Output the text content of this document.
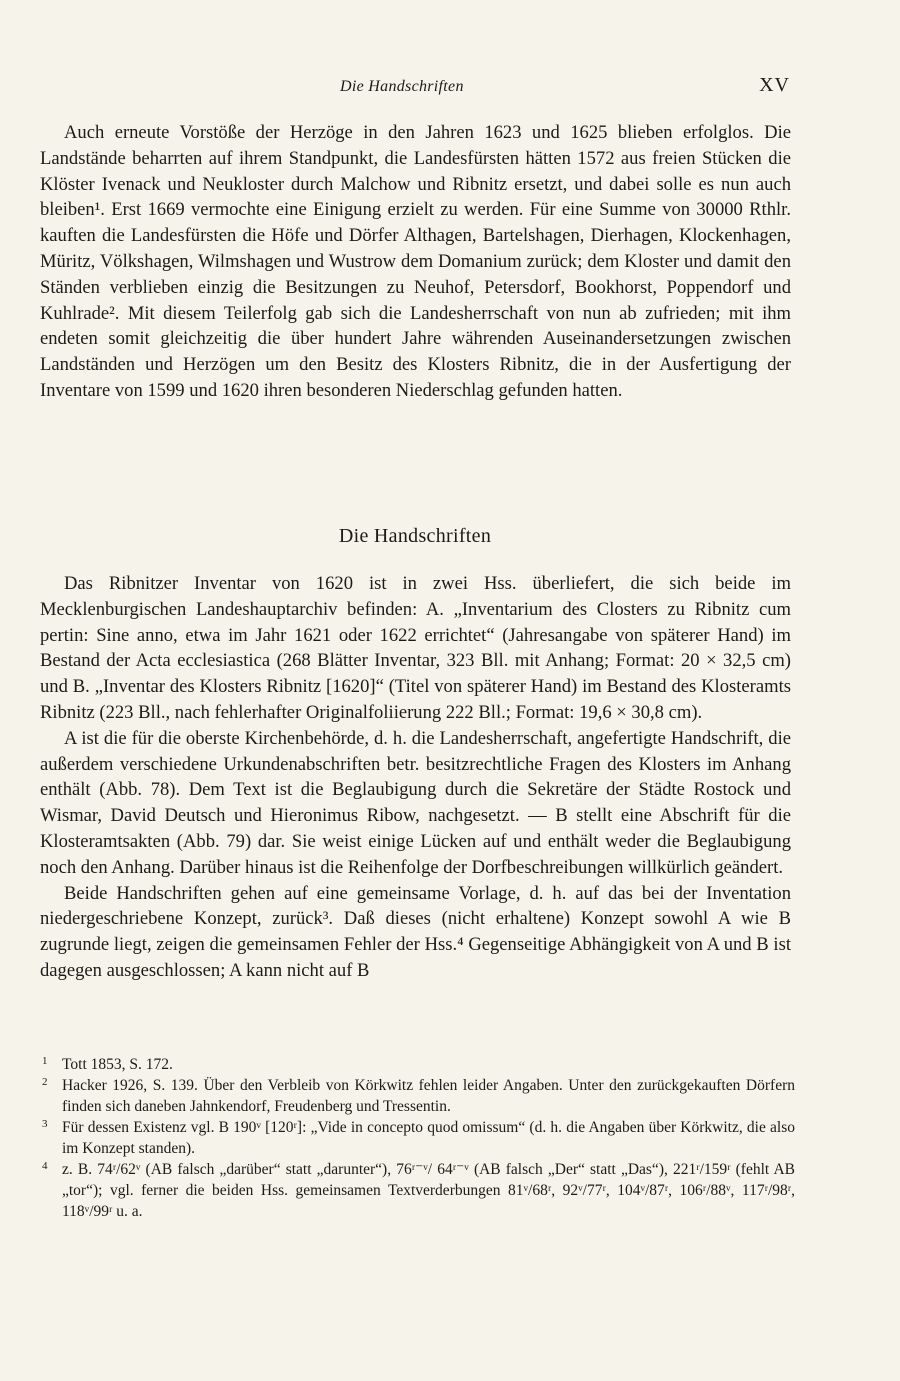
Die Handschriften	XV

Auch erneute Vorstöße der Herzöge in den Jahren 1623 und 1625 blieben erfolglos. Die Landstände beharrten auf ihrem Standpunkt, die Landesfürsten hätten 1572 aus freien Stücken die Klöster Ivenack und Neukloster durch Malchow und Ribnitz ersetzt, und dabei solle es nun auch bleiben¹. Erst 1669 vermochte eine Einigung erzielt zu werden. Für eine Summe von 30000 Rthlr. kauften die Landesfürsten die Höfe und Dörfer Althagen, Bartelshagen, Dierhagen, Klockenhagen, Müritz, Völkshagen, Wilmshagen und Wustrow dem Domanium zurück; dem Kloster und damit den Ständen verblieben einzig die Besitzungen zu Neuhof, Petersdorf, Bookhorst, Poppendorf und Kuhlrade². Mit diesem Teilerfolg gab sich die Landesherrschaft von nun ab zufrieden; mit ihm endeten somit gleichzeitig die über hundert Jahre währenden Auseinandersetzungen zwischen Landständen und Herzögen um den Besitz des Klosters Ribnitz, die in der Ausfertigung der Inventare von 1599 und 1620 ihren besonderen Niederschlag gefunden hatten.

Die Handschriften

Das Ribnitzer Inventar von 1620 ist in zwei Hss. überliefert, die sich beide im Mecklenburgischen Landeshauptarchiv befinden: A. „Inventarium des Closters zu Ribnitz cum pertin: Sine anno, etwa im Jahr 1621 oder 1622 errichtet“ (Jahresangabe von späterer Hand) im Bestand der Acta ecclesiastica (268 Blätter Inventar, 323 Bll. mit Anhang; Format: 20 × 32,5 cm) und B. „Inventar des Klosters Ribnitz [1620]“ (Titel von späterer Hand) im Bestand des Klosteramts Ribnitz (223 Bll., nach fehlerhafter Originalfoliierung 222 Bll.; Format: 19,6 × 30,8 cm).

A ist die für die oberste Kirchenbehörde, d. h. die Landesherrschaft, angefertigte Handschrift, die außerdem verschiedene Urkundenabschriften betr. besitzrechtliche Fragen des Klosters im Anhang enthält (Abb. 78). Dem Text ist die Beglaubigung durch die Sekretäre der Städte Rostock und Wismar, David Deutsch und Hieronimus Ribow, nachgesetzt. — B stellt eine Abschrift für die Klosteramtsakten (Abb. 79) dar. Sie weist einige Lücken auf und enthält weder die Beglaubigung noch den Anhang. Darüber hinaus ist die Reihenfolge der Dorfbeschreibungen willkürlich geändert.

Beide Handschriften gehen auf eine gemeinsame Vorlage, d. h. auf das bei der Inventation niedergeschriebene Konzept, zurück³. Daß dieses (nicht erhaltene) Konzept sowohl A wie B zugrunde liegt, zeigen die gemeinsamen Fehler der Hss.⁴ Gegenseitige Abhängigkeit von A und B ist dagegen ausgeschlossen; A kann nicht auf B

1 Tott 1853, S. 172.

2 Hacker 1926, S. 139. Über den Verbleib von Körkwitz fehlen leider Angaben. Unter den zurückgekauften Dörfern finden sich daneben Jahnkendorf, Freudenberg und Tressentin.

3 Für dessen Existenz vgl. B 190ᵛ [120ʳ]: „Vide in concepto quod omissum“ (d. h. die Angaben über Körkwitz, die also im Konzept standen).

4 z. B. 74ʳ/62ᵛ (AB falsch „darüber“ statt „darunter“), 76ʳ⁻ᵛ/ 64ʳ⁻ᵛ (AB falsch „Der“ statt „Das“), 221ʳ/159ʳ (fehlt AB „tor“); vgl. ferner die beiden Hss. gemeinsamen Textverderbungen 81ᵛ/68ʳ, 92ᵛ/77ʳ, 104ᵛ/87ʳ, 106ʳ/88ᵛ, 117ʳ/98ʳ, 118ᵛ/99ʳ u. a.
